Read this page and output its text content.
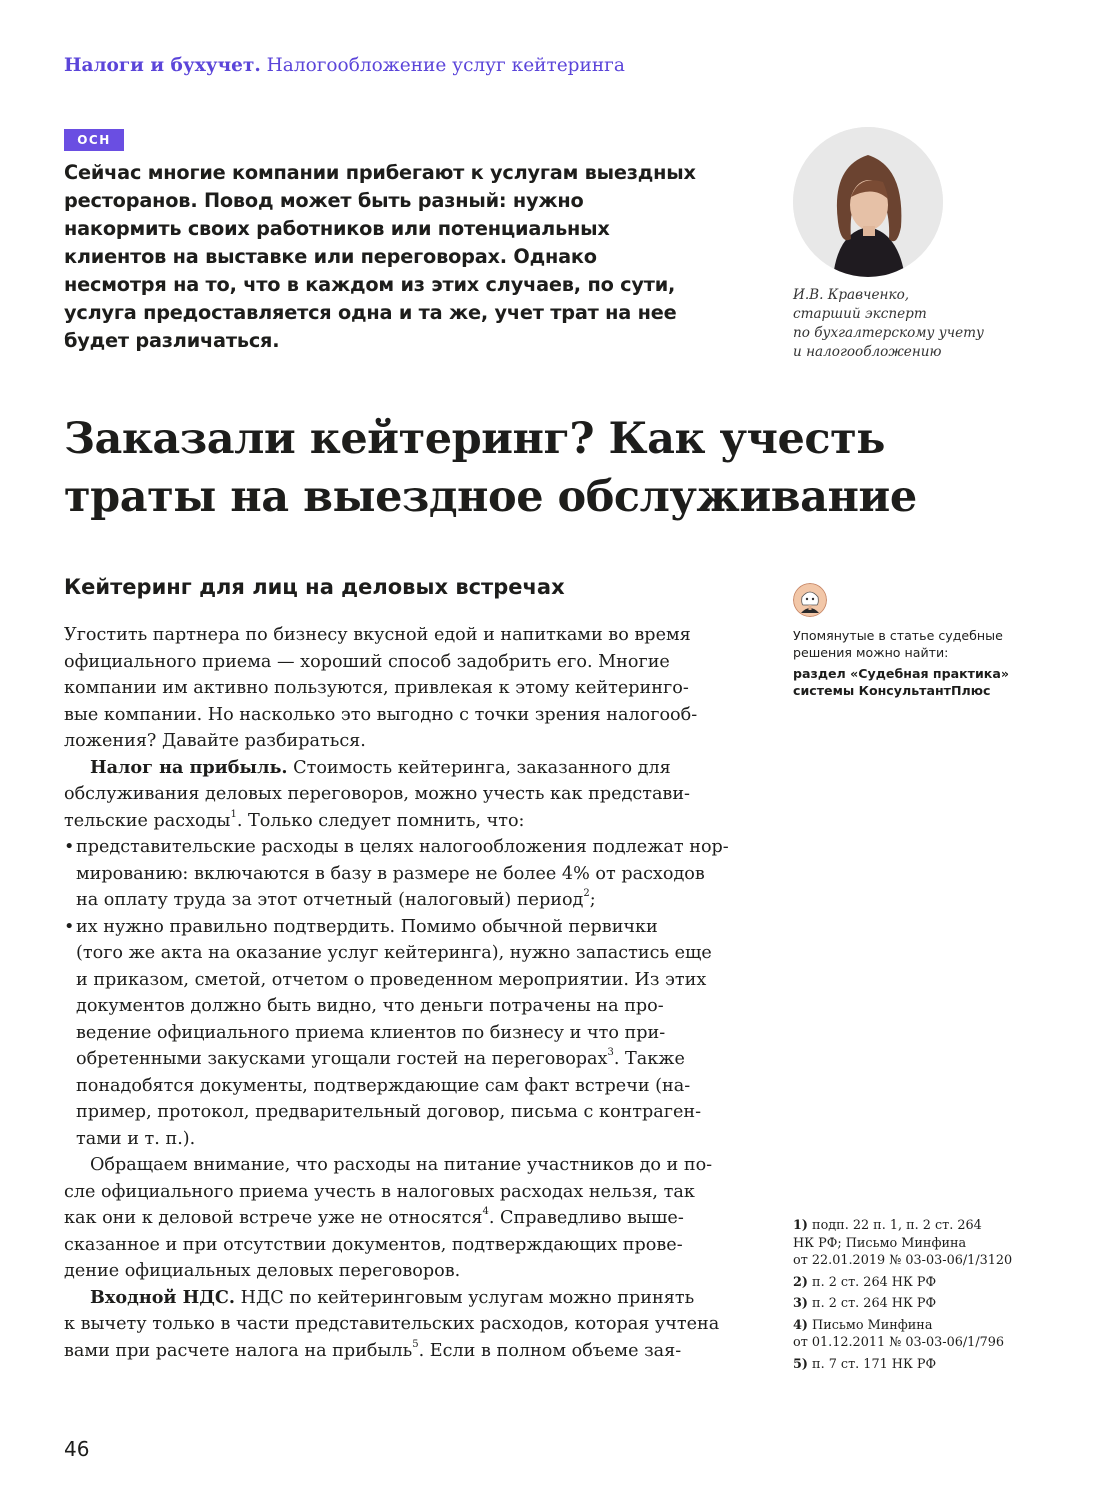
Налоги и бухучет. Налогообложение услуг кейтеринга
ОСН
Сейчас многие компании прибегают к услугам выездных
ресторанов. Повод может быть разный: нужно
накормить своих работников или потенциальных
клиентов на выставке или переговорах. Однако
несмотря на то, что в каждом из этих случаев, по сути,
услуга предоставляется одна и та же, учет трат на нее
будет различаться.
И.В. Кравченко,
старший эксперт
по бухгалтерскому учету
и налогообложению
Заказали кейтеринг? Как учесть
траты на выездное обслуживание
Кейтеринг для лиц на деловых встречах
Угостить партнера по бизнесу вкусной едой и напитками во время
официального приема — хороший способ задобрить его. Многие
компании им активно пользуются, привлекая к этому кейтеринго-
вые компании. Но насколько это выгодно с точки зрения налогооб-
ложения? Давайте разбираться.
Налог на прибыль. Стоимость кейтеринга, заказанного для
обслуживания деловых переговоров, можно учесть как представи-
тельские расходы$^1$. Только следует помнить, что:
• представительские расходы в целях налогообложения подлежат нор-
мированию: включаются в базу в размере не более 4% от расходов
на оплату труда за этот отчетный (налоговый) период$^2$;
• их нужно правильно подтвердить. Помимо обычной первички
(того же акта на оказание услуг кейтеринга), нужно запастись еще
и приказом, сметой, отчетом о проведенном мероприятии. Из этих
документов должно быть видно, что деньги потрачены на про-
ведение официального приема клиентов по бизнесу и что при-
обретенными закусками угощали гостей на переговорах$^3$. Также
понадобятся документы, подтверждающие сам факт встречи (на-
пример, протокол, предварительный договор, письма с контраген-
тами и т. п.).
Обращаем внимание, что расходы на питание участников до и по-
сле официального приема учесть в налоговых расходах нельзя, так
как они к деловой встрече уже не относятся$^4$. Справедливо выше-
сказанное и при отсутствии документов, подтверждающих прове-
дение официальных деловых переговоров.
Входной НДС. НДС по кейтеринговым услугам можно принять
к вычету только в части представительских расходов, которая учтена
вами при расчете налога на прибыль$^5$. Если в полном объеме зая-
Упомянутые в статье судебные
решения можно найти:
раздел «Судебная практика»
системы КонсультантПлюс
1) подп. 22 п. 1, п. 2 ст. 264
НК РФ; Письмо Минфина
от 22.01.2019 № 03-03-06/1/3120
2) п. 2 ст. 264 НК РФ
3) п. 2 ст. 264 НК РФ
4) Письмо Минфина
от 01.12.2011 № 03-03-06/1/796
5) п. 7 ст. 171 НК РФ
46
